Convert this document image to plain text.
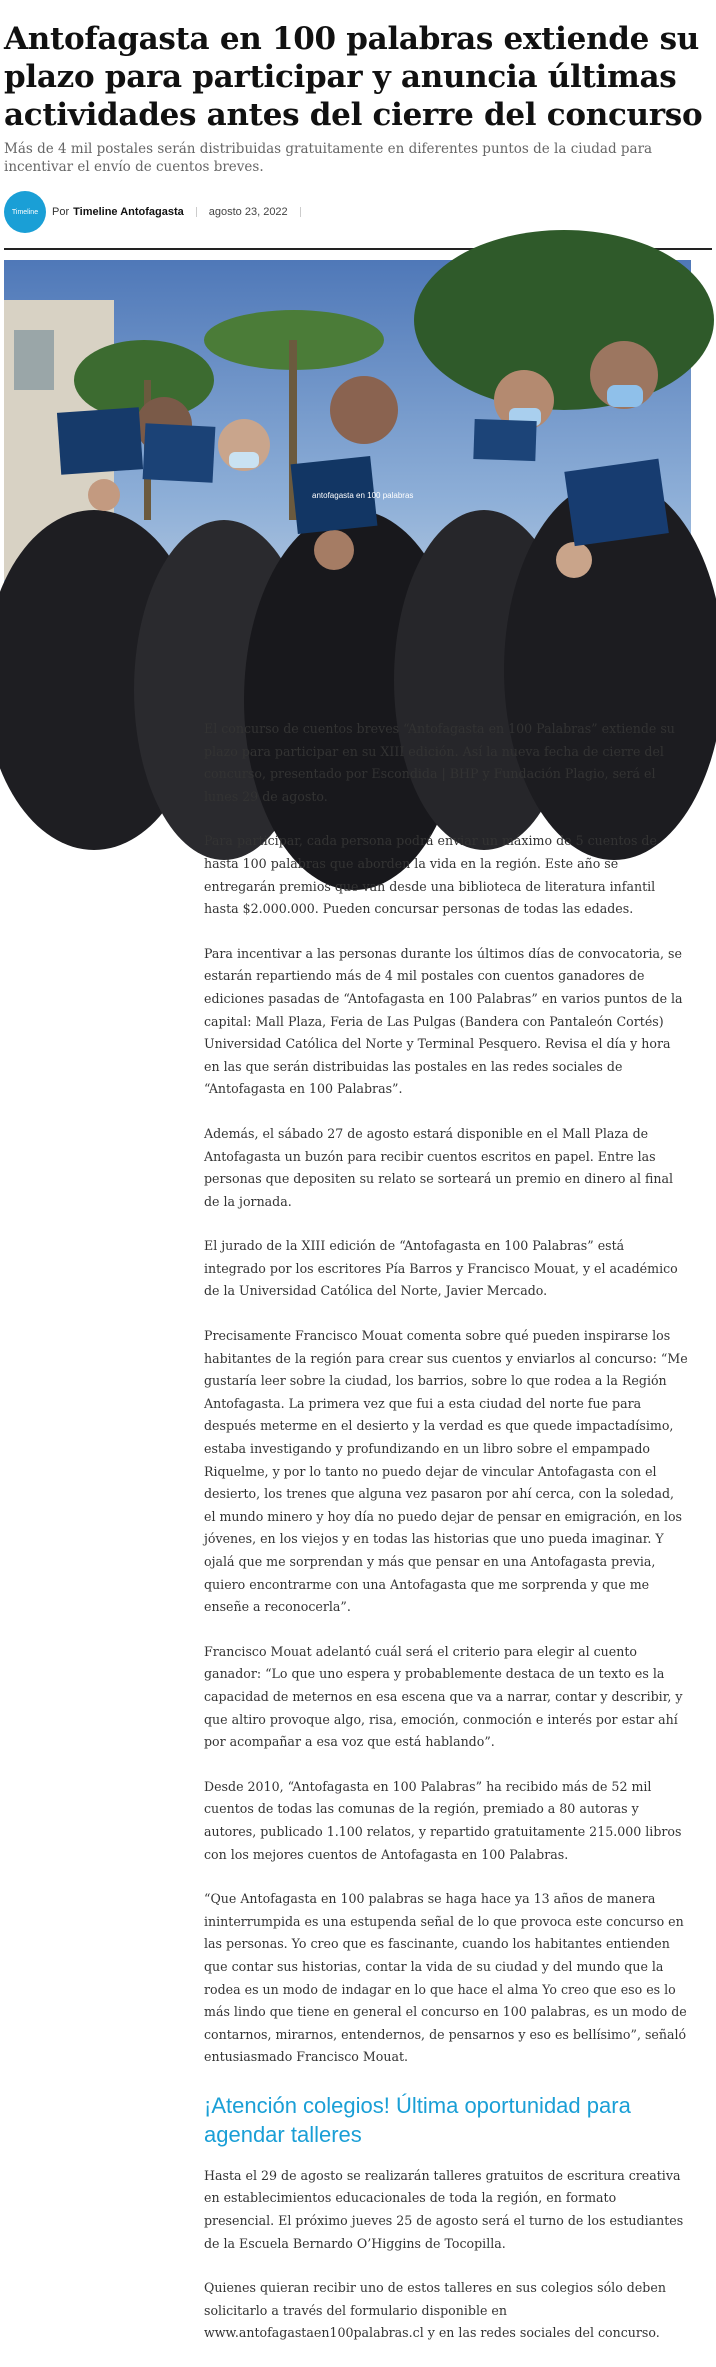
Antofagasta en 100 palabras extiende su plazo para participar y anuncia últimas actividades antes del cierre del concurso

Más de 4 mil postales serán distribuidas gratuitamente en diferentes puntos de la ciudad para incentivar el envío de cuentos breves.

Timeline Por Timeline Antofagasta agosto 23, 2022
antofagasta en 100 palabras

El concurso de cuentos breves “Antofagasta en 100 Palabras” extiende su plazo para participar en su XIII edición. Así la nueva fecha de cierre del concurso, presentado por Escondida | BHP y Fundación Plagio, será el lunes 29 de agosto.

Para participar, cada persona podrá enviar un máximo de 5 cuentos de hasta 100 palabras que aborden la vida en la región. Este año se entregarán premios que van desde una biblioteca de literatura infantil hasta $2.000.000. Pueden concursar personas de todas las edades.

Para incentivar a las personas durante los últimos días de convocatoria, se estarán repartiendo más de 4 mil postales con cuentos ganadores de ediciones pasadas de “Antofagasta en 100 Palabras” en varios puntos de la capital: Mall Plaza, Feria de Las Pulgas (Bandera con Pantaleón Cortés) Universidad Católica del Norte y Terminal Pesquero. Revisa el día y hora en las que serán distribuidas las postales en las redes sociales de “Antofagasta en 100 Palabras”.

Además, el sábado 27 de agosto estará disponible en el Mall Plaza de Antofagasta un buzón para recibir cuentos escritos en papel. Entre las personas que depositen su relato se sorteará un premio en dinero al final de la jornada.

El jurado de la XIII edición de “Antofagasta en 100 Palabras” está integrado por los escritores Pía Barros y Francisco Mouat, y el académico de la Universidad Católica del Norte, Javier Mercado.

Precisamente Francisco Mouat comenta sobre qué pueden inspirarse los habitantes de la región para crear sus cuentos y enviarlos al concurso: “Me gustaría leer sobre la ciudad, los barrios, sobre lo que rodea a la Región Antofagasta. La primera vez que fui a esta ciudad del norte fue para después meterme en el desierto y la verdad es que quede impactadísimo, estaba investigando y profundizando en un libro sobre el empampado Riquelme, y por lo tanto no puedo dejar de vincular Antofagasta con el desierto, los trenes que alguna vez pasaron por ahí cerca, con la soledad, el mundo minero y hoy día no puedo dejar de pensar en emigración, en los jóvenes, en los viejos y en todas las historias que uno pueda imaginar. Y ojalá que me sorprendan y más que pensar en una Antofagasta previa, quiero encontrarme con una Antofagasta que me sorprenda y que me enseñe a reconocerla”.

Francisco Mouat adelantó cuál será el criterio para elegir al cuento ganador: “Lo que uno espera y probablemente destaca de un texto es la capacidad de meternos en esa escena que va a narrar, contar y describir, y que altiro provoque algo, risa, emoción, conmoción e interés por estar ahí por acompañar a esa voz que está hablando”.

Desde 2010, “Antofagasta en 100 Palabras” ha recibido más de 52 mil cuentos de todas las comunas de la región, premiado a 80 autoras y autores, publicado 1.100 relatos, y repartido gratuitamente 215.000 libros con los mejores cuentos de Antofagasta en 100 Palabras.

“Que Antofagasta en 100 palabras se haga hace ya 13 años de manera ininterrumpida es una estupenda señal de lo que provoca este concurso en las personas. Yo creo que es fascinante, cuando los habitantes entienden que contar sus historias, contar la vida de su ciudad y del mundo que la rodea es un modo de indagar en lo que hace el alma Yo creo que eso es lo más lindo que tiene en general el concurso en 100 palabras, es un modo de contarnos, mirarnos, entendernos, de pensarnos y eso es bellísimo”, señaló entusiasmado Francisco Mouat.

¡Atención colegios! Última oportunidad para agendar talleres

Hasta el 29 de agosto se realizarán talleres gratuitos de escritura creativa en establecimientos educacionales de toda la región, en formato presencial. El próximo jueves 25 de agosto será el turno de los estudiantes de la Escuela Bernardo O’Higgins de Tocopilla.

Quienes quieran recibir uno de estos talleres en sus colegios sólo deben solicitarlo a través del formulario disponible en www.antofagastaen100palabras.cl y en las redes sociales del concurso.
